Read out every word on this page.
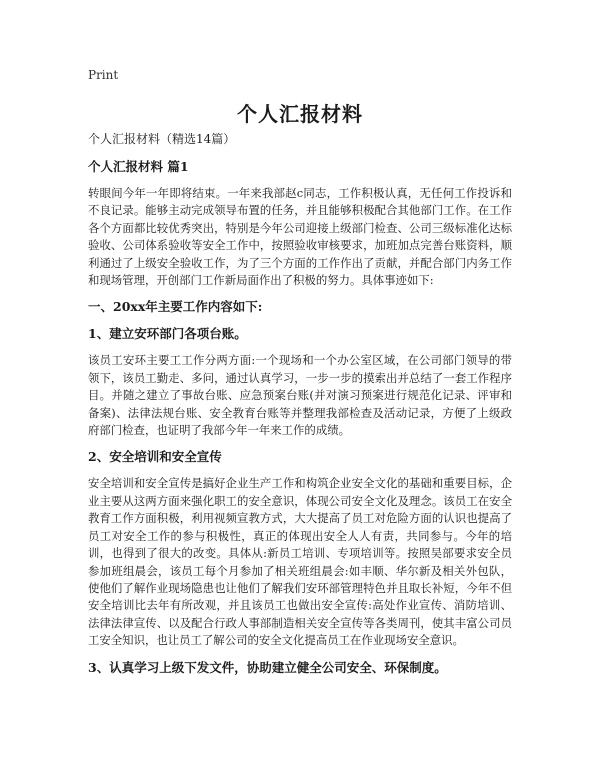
Print
个人汇报材料

个人汇报材料（精选14篇）

个人汇报材料 篇1

转眼间今年一年即将结束。一年来我部赵c同志，工作积极认真，无任何工作投诉和不良记录。能够主动完成领导布置的任务，并且能够积极配合其他部门工作。在工作各个方面都比较优秀突出，特别是今年公司迎接上级部门检查、公司三级标准化达标验收、公司体系验收等安全工作中，按照验收审核要求，加班加点完善台账资料，顺利通过了上级安全验收工作，为了三个方面的工作作出了贡献，并配合部门内务工作和现场管理，开创部门工作新局面作出了积极的努力。具体事迹如下:

一、20xx年主要工作内容如下:

1、建立安环部门各项台账。

该员工安环主要工工作分两方面:一个现场和一个办公室区域，在公司部门领导的带领下，该员工勤走、多问，通过认真学习，一步一步的摸索出并总结了一套工作程序目。并随之建立了事故台账、应急预案台账(并对演习预案进行规范化记录、评审和备案)、法律法规台账、安全教育台账等并整理我部检查及活动记录，方便了上级政府部门检查，也证明了我部今年一年来工作的成绩。

2、安全培训和安全宣传

安全培训和安全宣传是搞好企业生产工作和构筑企业安全文化的基础和重要目标，企业主要从这两方面来强化职工的安全意识，体现公司安全文化及理念。该员工在安全教育工作方面积极，利用视频宣教方式，大大提高了员工对危险方面的认识也提高了员工对安全工作的参与积极性，真正的体现出安全人人有责，共同参与。今年的培训，也得到了很大的改变。具体从:新员工培训、专项培训等。按照吴部要求安全员参加班组晨会，该员工每个月参加了相关班组晨会:如丰顺、华尔新及相关外包队，使他们了解作业现场隐患也让他们了解我们安环部管理特色并且取长补短，今年不但安全培训比去年有所改观，并且该员工也做出安全宣传:高处作业宣传、消防培训、法律法律宣传、以及配合行政人事部制造相关安全宣传等各类周刊，使其丰富公司员工安全知识，也让员工了解公司的安全文化提高员工在作业现场安全意识。

3、认真学习上级下发文件，协助建立健全公司安全、环保制度。
